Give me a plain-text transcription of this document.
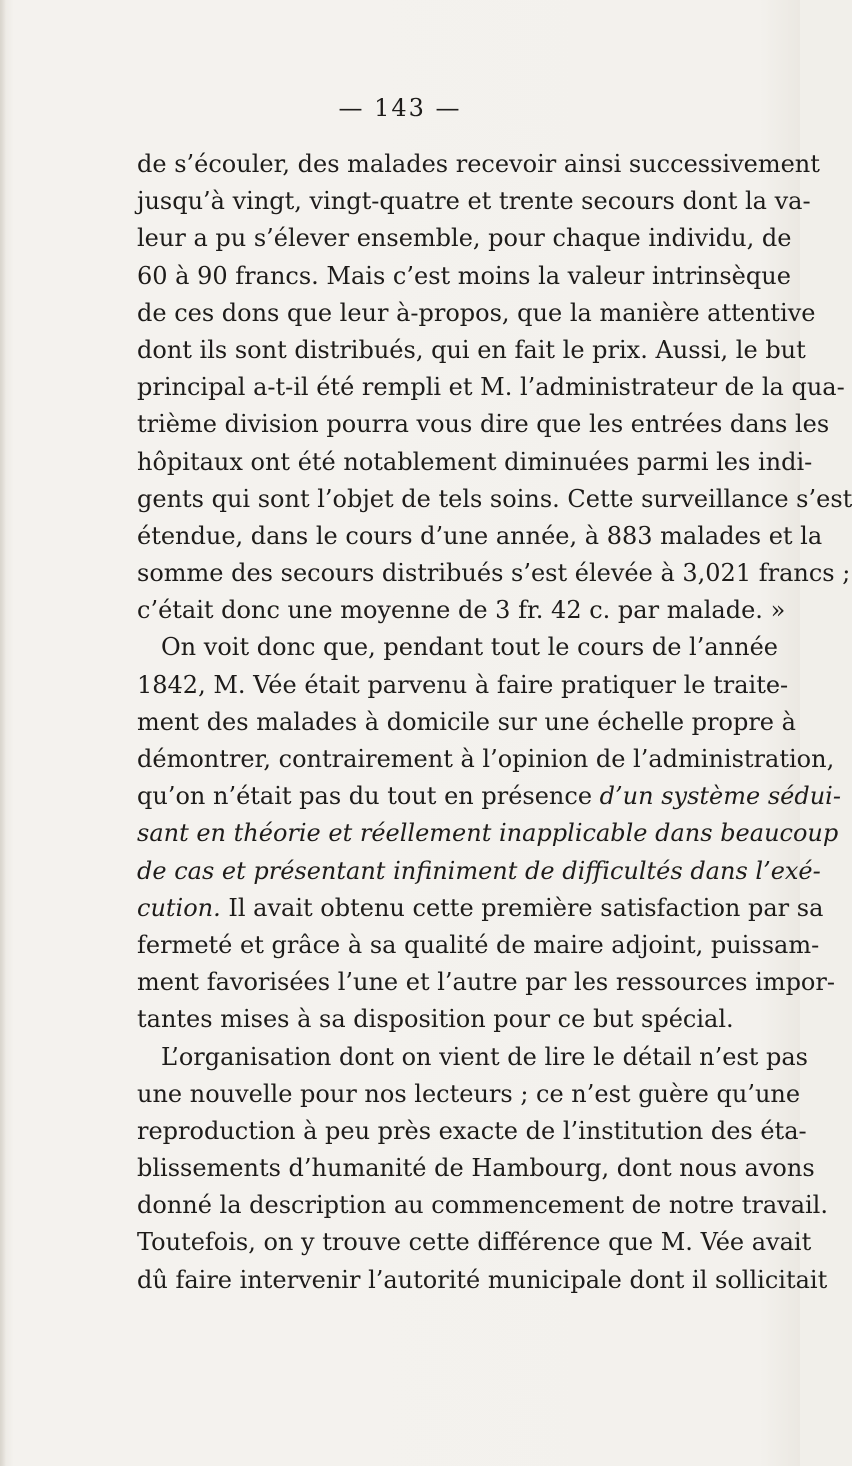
— 143 —
de s’écouler, des malades recevoir ainsi successivement
jusqu’à vingt, vingt-quatre et trente secours dont la va-
leur a pu s’élever ensemble, pour chaque individu, de
60 à 90 francs. Mais c’est moins la valeur intrinsèque
de ces dons que leur à-propos, que la manière attentive
dont ils sont distribués, qui en fait le prix. Aussi, le but
principal a-t-il été rempli et M. l’administrateur de la qua-
trième division pourra vous dire que les entrées dans les
hôpitaux ont été notablement diminuées parmi les indi-
gents qui sont l’objet de tels soins. Cette surveillance s’est
étendue, dans le cours d’une année, à 883 malades et la
somme des secours distribués s’est élevée à 3,021 francs ;
c’était donc une moyenne de 3 fr. 42 c. par malade. »
On voit donc que, pendant tout le cours de l’année
1842, M. Vée était parvenu à faire pratiquer le traite-
ment des malades à domicile sur une échelle propre à
démontrer, contrairement à l’opinion de l’administration,
qu’on n’était pas du tout en présence d’un système sédui-
sant en théorie et réellement inapplicable dans beaucoup
de cas et présentant infiniment de difficultés dans l’exé-
cution. Il avait obtenu cette première satisfaction par sa
fermeté et grâce à sa qualité de maire adjoint, puissam-
ment favorisées l’une et l’autre par les ressources impor-
tantes mises à sa disposition pour ce but spécial.
L’organisation dont on vient de lire le détail n’est pas
une nouvelle pour nos lecteurs ; ce n’est guère qu’une
reproduction à peu près exacte de l’institution des éta-
blissements d’humanité de Hambourg, dont nous avons
donné la description au commencement de notre travail.
Toutefois, on y trouve cette différence que M. Vée avait
dû faire intervenir l’autorité municipale dont il sollicitait
